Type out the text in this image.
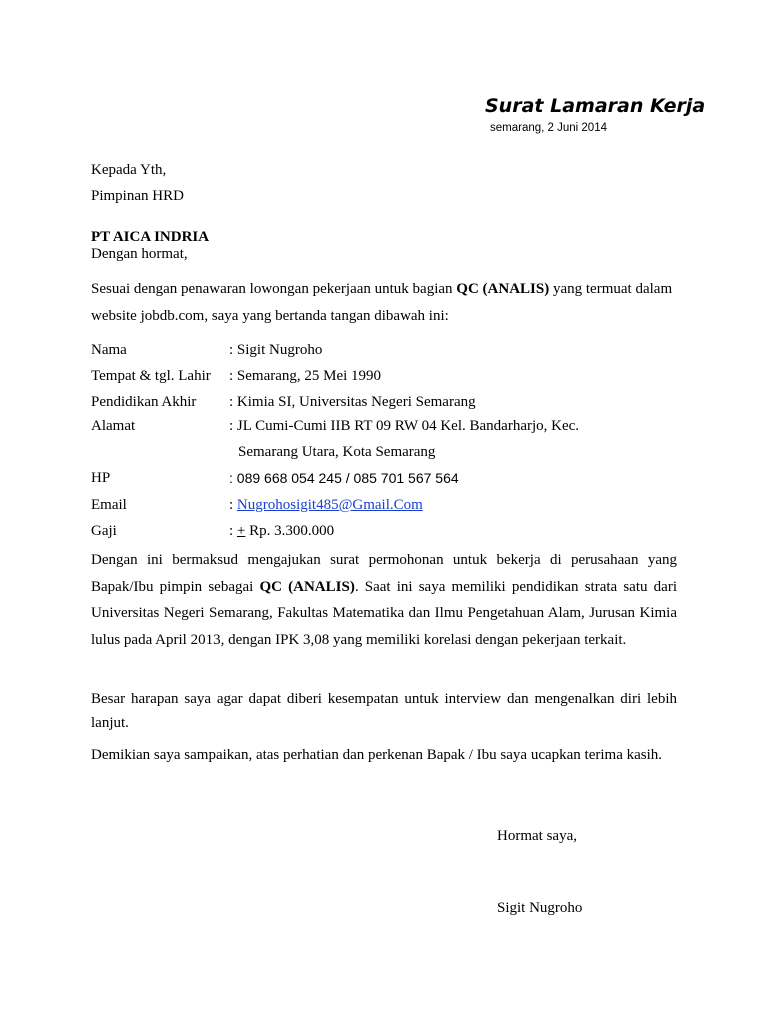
Surat Lamaran Kerja
semarang, 2 Juni 2014
Kepada Yth,
Pimpinan HRD
PT AICA INDRIA
Dengan hormat,
Sesuai dengan penawaran lowongan pekerjaan untuk bagian QC (ANALIS) yang termuat dalam
website jobdb.com, saya yang bertanda tangan dibawah ini:
Nama	: Sigit Nugroho
Tempat & tgl. Lahir : Semarang, 25 Mei 1990
Pendidikan Akhir : Kimia SI, Universitas Negeri Semarang
Alamat	: JL Cumi-Cumi IIB RT 09 RW 04 Kel. Bandarharjo, Kec.
Semarang Utara, Kota Semarang
HP	: 089 668 054 245 / 085 701 567 564
Email	: Nugrohosigit485@Gmail.Com
Gaji	: + Rp. 3.300.000
Dengan ini bermaksud mengajukan surat permohonan untuk bekerja di perusahaan yang Bapak/Ibu pimpin sebagai QC (ANALIS). Saat ini saya memiliki pendidikan strata satu dari Universitas Negeri Semarang, Fakultas Matematika dan Ilmu Pengetahuan Alam, Jurusan Kimia lulus pada April 2013, dengan IPK 3,08 yang memiliki korelasi dengan pekerjaan terkait.
Besar harapan saya agar dapat diberi kesempatan untuk interview dan mengenalkan diri lebih lanjut.
Demikian saya sampaikan, atas perhatian dan perkenan Bapak / Ibu saya ucapkan terima kasih.
Hormat saya,
Sigit Nugroho
